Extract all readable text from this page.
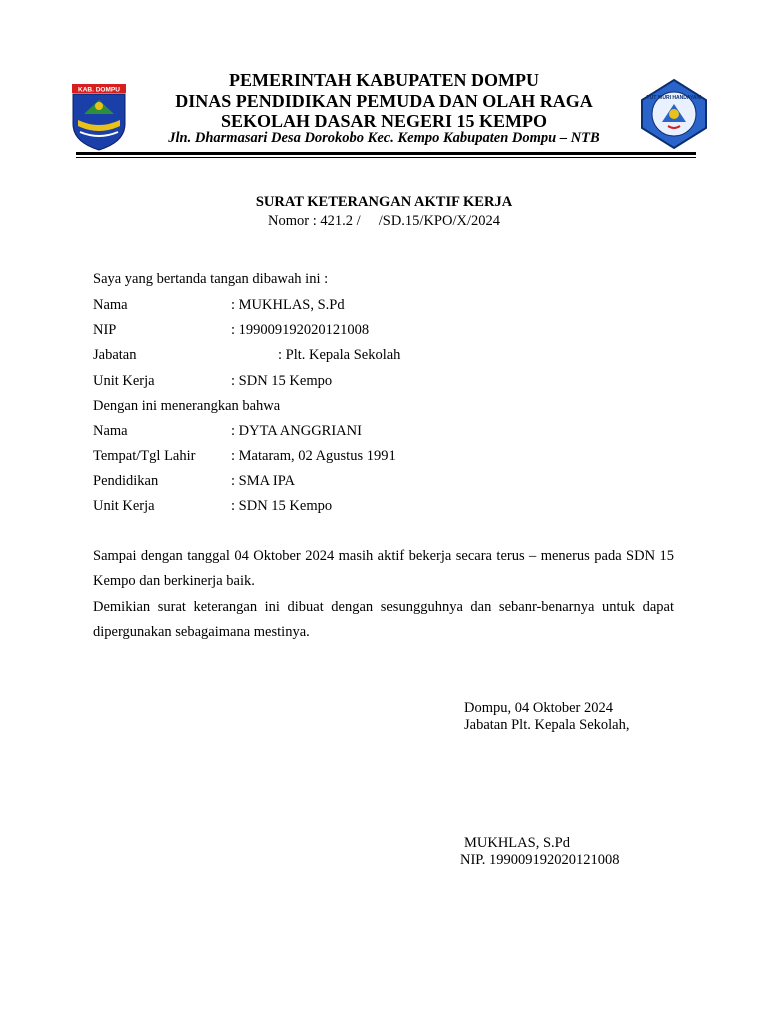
KAB. DOMPU
TUT WURI HANDAYANI
PEMERINTAH KABUPATEN DOMPU
DINAS PENDIDIKAN PEMUDA DAN OLAH RAGA
SEKOLAH DASAR NEGERI 15 KEMPO
Jln. Dharmasari Desa Dorokobo Kec. Kempo Kabupaten Dompu – NTB
SURAT KETERANGAN AKTIF KERJA
Nomor : 421.2 /     /SD.15/KPO/X/2024
Saya yang bertanda tangan dibawah ini :
Nama	: MUKHLAS, S.Pd
NIP	: 199009192020121008
Jabatan	: Plt. Kepala Sekolah
Unit Kerja	: SDN 15 Kempo
Dengan ini menerangkan bahwa
Nama	: DYTA ANGGRIANI
Tempat/Tgl Lahir : Mataram, 02 Agustus 1991
Pendidikan	: SMA IPA
Unit Kerja	: SDN 15 Kempo
Sampai dengan tanggal 04 Oktober 2024 masih aktif bekerja secara terus – menerus pada SDN 15 Kempo dan berkinerja baik.
Demikian surat keterangan ini dibuat dengan sesungguhnya dan sebanr-benarnya untuk dapat dipergunakan sebagaimana mestinya.
Dompu, 04 Oktober 2024
Jabatan Plt. Kepala Sekolah,
MUKHLAS, S.Pd
NIP. 199009192020121008
